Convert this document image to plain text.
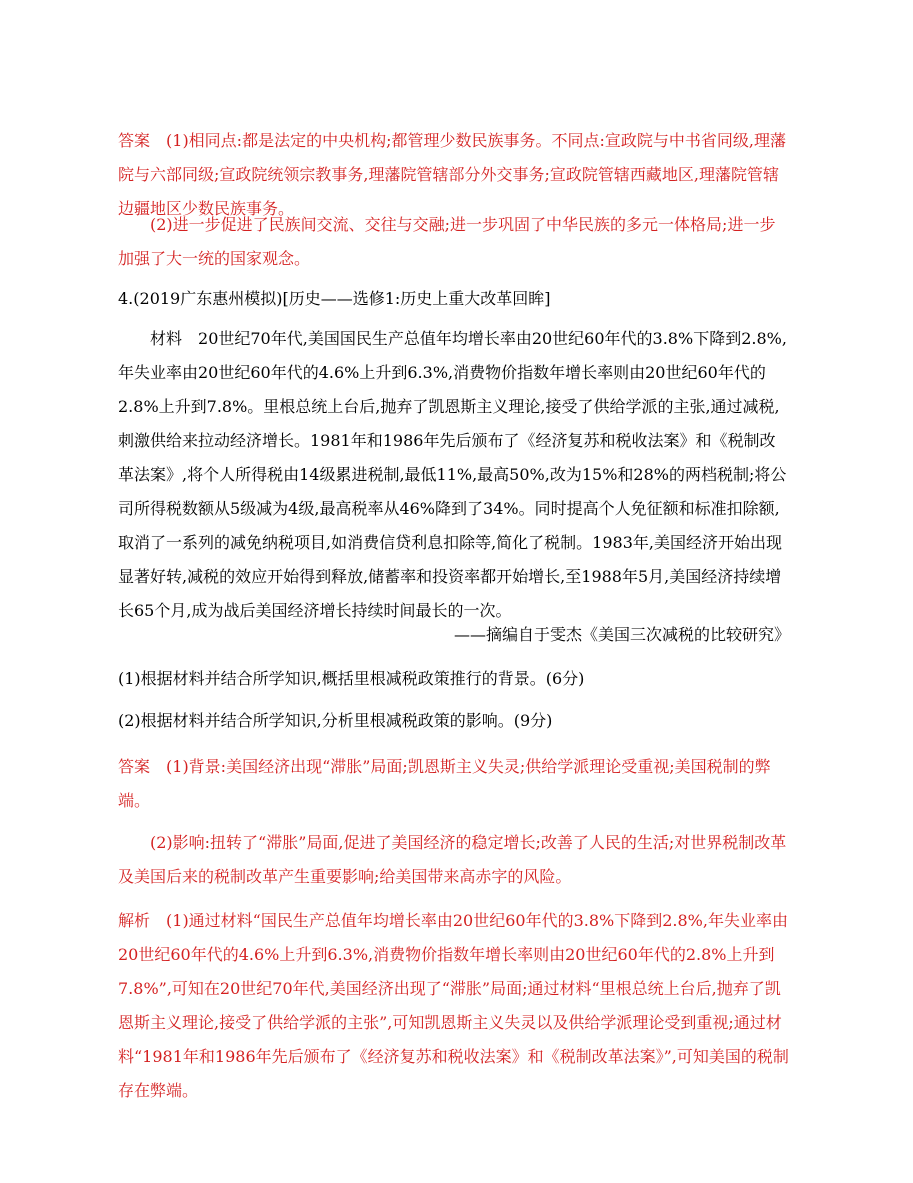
答案 (1)相同点:都是法定的中央机构;都管理少数民族事务。不同点:宣政院与中书省同级,理藩院与六部同级;宣政院统领宗教事务,理藩院管辖部分外交事务;宣政院管辖西藏地区,理藩院管辖边疆地区少数民族事务。

(2)进一步促进了民族间交流、交往与交融;进一步巩固了中华民族的多元一体格局;进一步加强了大一统的国家观念。

4.(2019广东惠州模拟)[历史——选修1:历史上重大改革回眸]

材料 20世纪70年代,美国国民生产总值年均增长率由20世纪60年代的3.8%下降到2.8%,年失业率由20世纪60年代的4.6%上升到6.3%,消费物价指数年增长率则由20世纪60年代的2.8%上升到7.8%。里根总统上台后,抛弃了凯恩斯主义理论,接受了供给学派的主张,通过减税,刺激供给来拉动经济增长。1981年和1986年先后颁布了《经济复苏和税收法案》和《税制改革法案》,将个人所得税由14级累进税制,最低11%,最高50%,改为15%和28%的两档税制;将公司所得税数额从5级减为4级,最高税率从46%降到了34%。同时提高个人免征额和标准扣除额,取消了一系列的减免纳税项目,如消费信贷利息扣除等,简化了税制。1983年,美国经济开始出现显著好转,减税的效应开始得到释放,储蓄率和投资率都开始增长,至1988年5月,美国经济持续增长65个月,成为战后美国经济增长持续时间最长的一次。

——摘编自于雯杰《美国三次减税的比较研究》

(1)根据材料并结合所学知识,概括里根减税政策推行的背景。(6分)

(2)根据材料并结合所学知识,分析里根减税政策的影响。(9分)

答案 (1)背景:美国经济出现“滞胀”局面;凯恩斯主义失灵;供给学派理论受重视;美国税制的弊端。

(2)影响:扭转了“滞胀”局面,促进了美国经济的稳定增长;改善了人民的生活;对世界税制改革及美国后来的税制改革产生重要影响;给美国带来高赤字的风险。

解析 (1)通过材料“国民生产总值年均增长率由20世纪60年代的3.8%下降到2.8%,年失业率由20世纪60年代的4.6%上升到6.3%,消费物价指数年增长率则由20世纪60年代的2.8%上升到7.8%”,可知在20世纪70年代,美国经济出现了“滞胀”局面;通过材料“里根总统上台后,抛弃了凯恩斯主义理论,接受了供给学派的主张”,可知凯恩斯主义失灵以及供给学派理论受到重视;通过材料“1981年和1986年先后颁布了《经济复苏和税收法案》和《税制改革法案》”,可知美国的税制存在弊端。
